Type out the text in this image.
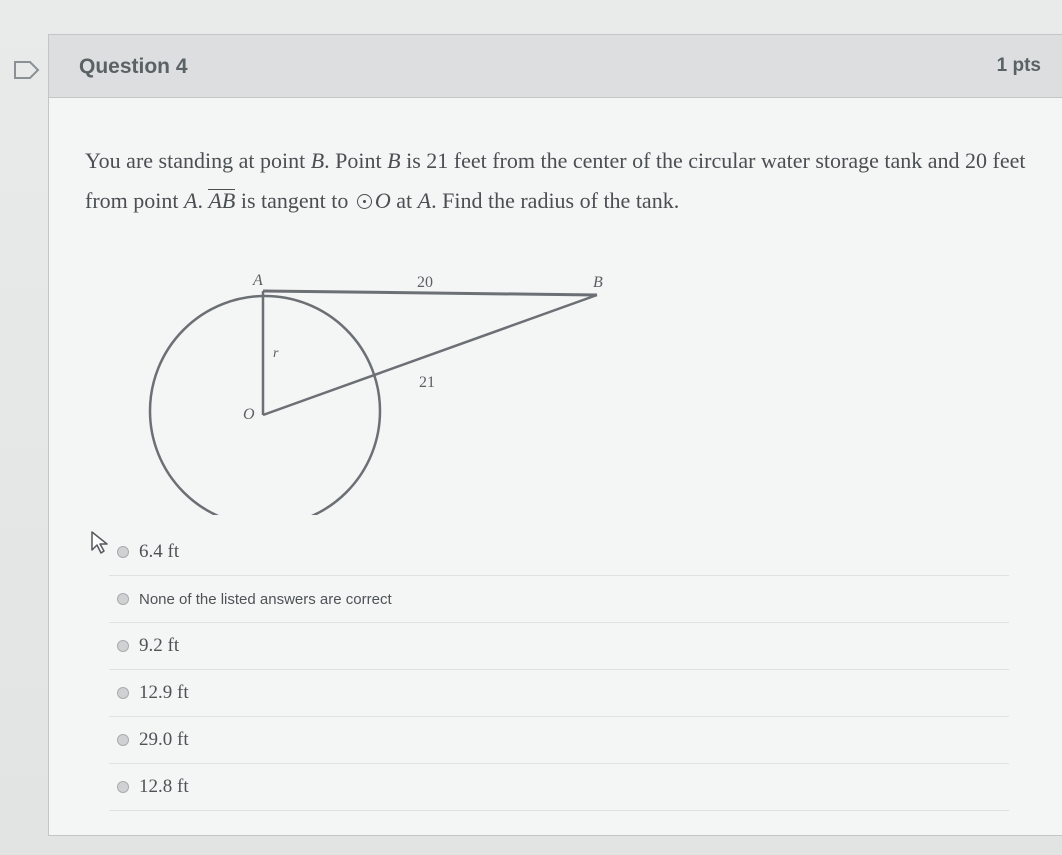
Question 4	1 pts
You are standing at point B. Point B is 21 feet from the center of the circular water storage tank and 20 feet from point A. AB is tangent to O at A. Find the radius of the tank.
A	20	B
r
21
O
6.4 ft
None of the listed answers are correct
9.2 ft
12.9 ft
29.0 ft
12.8 ft
